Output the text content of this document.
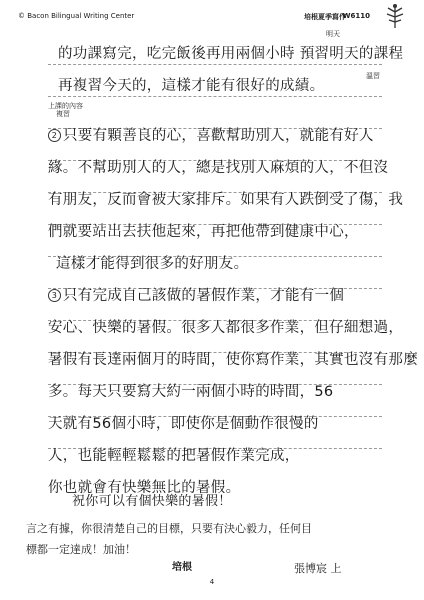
© Bacon Bilingual Writing Center	培根夏季寫作
W6110
的功課寫完，吃完飯後再用兩個小時 預習明天的課程
明天
再複習今天的，這樣才能有很好的成績。
上課的內容
溫習
複習
2 只要有顆善良的心，喜歡幫助別人，就能有好人
緣。不幫助別人的人，總是找別人麻煩的人，不但沒
有朋友，反而會被大家排斥。如果有人跌倒受了傷，我
們就要站出去扶他起來，再把他帶到健康中心，
這樣才能得到很多的好朋友。
3 只有完成自己該做的暑假作業，才能有一個
安心、快樂的暑假。很多人都很多作業，但仔細想過，
暑假有長達兩個月的時間，使你寫作業，其實也沒有那麼
多。每天只要寫大約一兩個小時的時間，56
天就有56個小時，即使你是個動作很慢的
人，也能輕輕鬆鬆的把暑假作業完成，
你也就會有快樂無比的暑假。
祝你可以有個快樂的暑假！
言之有據，你很清楚自己的目標，只要有決心毅力，任何目
標都一定達成！加油！
培根	張博宸 上
4
